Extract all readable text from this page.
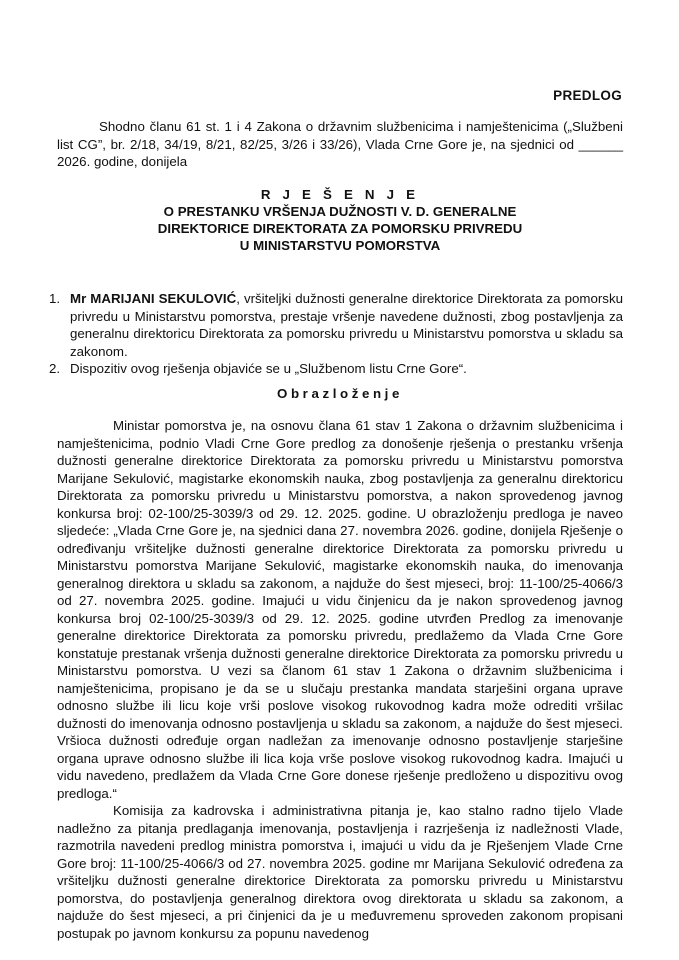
PREDLOG

Shodno članu 61 st. 1 i 4 Zakona o državnim službenicima i namještenicima („Službeni list CG”, br. 2/18, 34/19, 8/21, 82/25, 3/26 i 33/26), Vlada Crne Gore je, na sjednici od ______ 2026. godine, donijela

R J E Š E N J E
O PRESTANKU VRŠENJA DUŽNOSTI V. D. GENERALNE
DIREKTORICE DIREKTORATA ZA POMORSKU PRIVREDU
U MINISTARSTVU POMORSTVA
1. Mr MARIJANI SEKULOVIĆ, vršiteljki dužnosti generalne direktorice Direktorata za pomorsku privredu u Ministarstvu pomorstva, prestaje vršenje navedene dužnosti, zbog postavljenja za generalnu direktoricu Direktorata za pomorsku privredu u Ministarstvu pomorstva u skladu sa zakonom.
2. Dispozitiv ovog rješenja objaviće se u „Službenom listu Crne Gore“.
Obrazloženje

Ministar pomorstva je, na osnovu člana 61 stav 1 Zakona o državnim službenicima i namještenicima, podnio Vladi Crne Gore predlog za donošenje rješenja o prestanku vršenja dužnosti generalne direktorice Direktorata za pomorsku privredu u Ministarstvu pomorstva Marijane Sekulović, magistarke ekonomskih nauka, zbog postavljenja za generalnu direktoricu Direktorata za pomorsku privredu u Ministarstvu pomorstva, a nakon sprovedenog javnog konkursa broj: 02-100/25-3039/3 od 29. 12. 2025. godine. U obrazloženju predloga je naveo sljedeće: „Vlada Crne Gore je, na sjednici dana 27. novembra 2026. godine, donijela Rješenje o određivanju vršiteljke dužnosti generalne direktorice Direktorata za pomorsku privredu u Ministarstvu pomorstva Marijane Sekulović, magistarke ekonomskih nauka, do imenovanja generalnog direktora u skladu sa zakonom, a najduže do šest mjeseci, broj: 11-100/25-4066/3 od 27. novembra 2025. godine. Imajući u vidu činjenicu da je nakon sprovedenog javnog konkursa broj 02-100/25-3039/3 od 29. 12. 2025. godine utvrđen Predlog za imenovanje generalne direktorice Direktorata za pomorsku privredu, predlažemo da Vlada Crne Gore konstatuje prestanak vršenja dužnosti generalne direktorice Direktorata za pomorsku privredu u Ministarstvu pomorstva. U vezi sa članom 61 stav 1 Zakona o državnim službenicima i namještenicima, propisano je da se u slučaju prestanka mandata starješini organa uprave odnosno službe ili licu koje vrši poslove visokog rukovodnog kadra može odrediti vršilac dužnosti do imenovanja odnosno postavljenja u skladu sa zakonom, a najduže do šest mjeseci. Vršioca dužnosti određuje organ nadležan za imenovanje odnosno postavljenje starješine organa uprave odnosno službe ili lica koja vrše poslove visokog rukovodnog kadra. Imajući u vidu navedeno, predlažem da Vlada Crne Gore donese rješenje predloženo u dispozitivu ovog predloga.“

Komisija za kadrovska i administrativna pitanja je, kao stalno radno tijelo Vlade nadležno za pitanja predlaganja imenovanja, postavljenja i razrješenja iz nadležnosti Vlade, razmotrila navedeni predlog ministra pomorstva i, imajući u vidu da je Rješenjem Vlade Crne Gore broj: 11-100/25-4066/3 od 27. novembra 2025. godine mr Marijana Sekulović određena za vršiteljku dužnosti generalne direktorice Direktorata za pomorsku privredu u Ministarstvu pomorstva, do postavljenja generalnog direktora ovog direktorata u skladu sa zakonom, a najduže do šest mjeseci, a pri činjenici da je u međuvremenu sproveden zakonom propisani postupak po javnom konkursu za popunu navedenog
